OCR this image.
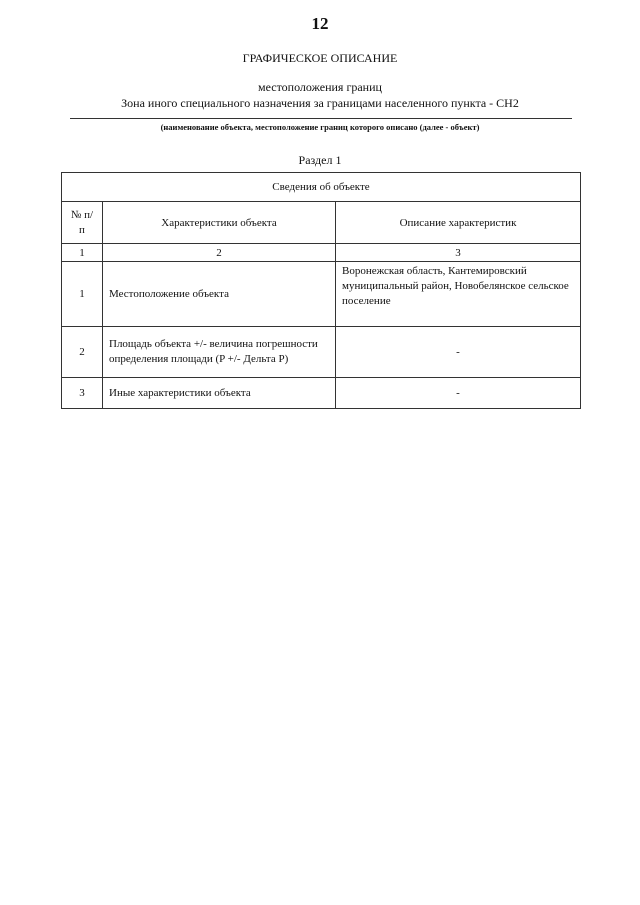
12
ГРАФИЧЕСКОЕ ОПИСАНИЕ
местоположения границ
Зона иного специального назначения за границами населенного пункта - СН2
(наименование объекта, местоположение границ которого описано (далее - объект)
Раздел 1
Сведения об объекте		
№ п/п	Характеристики объекта	Описание характеристик
1	2	3
1	Местоположение объекта	Воронежская область, Кантемировский муниципальный район, Новобелянское сельское поселение
2	Площадь объекта +/- величина погрешности определения площади (P +/- Дельта P)	-
3	Иные характеристики объекта	-
